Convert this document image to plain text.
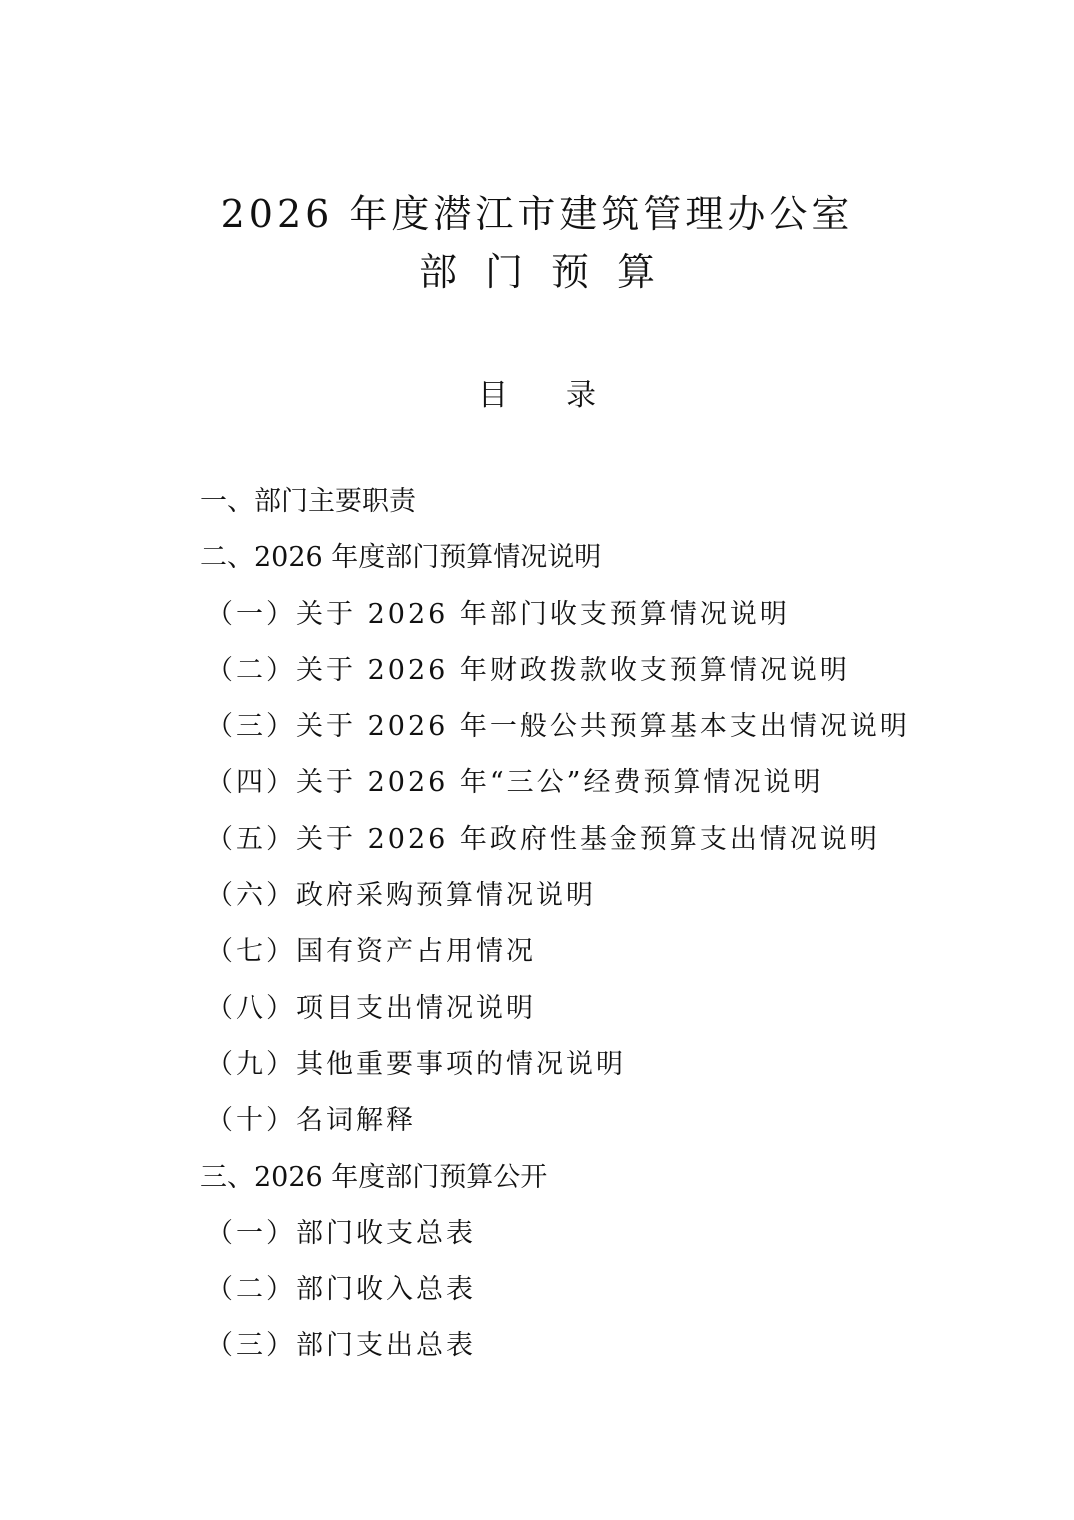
2026 年度潜江市建筑管理办公室
部门预算
目录
一、部门主要职责
二、2026 年度部门预算情况说明
（一）关于 2026 年部门收支预算情况说明
（二）关于 2026 年财政拨款收支预算情况说明
（三）关于 2026 年一般公共预算基本支出情况说明
（四）关于 2026 年“三公”经费预算情况说明
（五）关于 2026 年政府性基金预算支出情况说明
（六）政府采购预算情况说明
（七）国有资产占用情况
（八）项目支出情况说明
（九）其他重要事项的情况说明
（十）名词解释
三、2026 年度部门预算公开
（一）部门收支总表
（二）部门收入总表
（三）部门支出总表
